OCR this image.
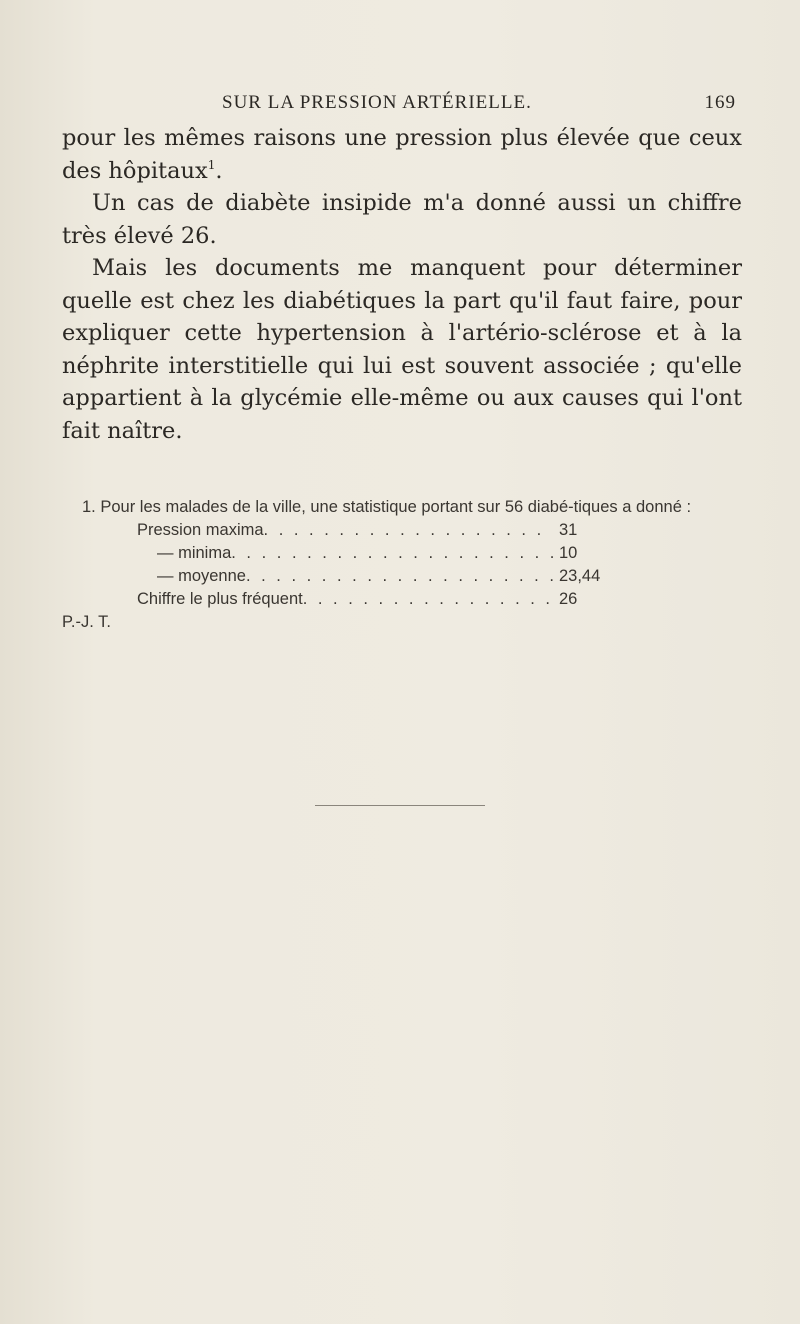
SUR LA PRESSION ARTÉRIELLE.	169

pour les mêmes raisons une pression plus élevée que ceux des hôpitaux$^1$.

Un cas de diabète insipide m'a donné aussi un chiffre très élevé 26.

Mais les documents me manquent pour déterminer quelle est chez les diabétiques la part qu'il faut faire, pour expliquer cette hypertension à l'artério-sclérose et à la néphrite interstitielle qui lui est souvent associée ; qu'elle appartient à la glycémie elle-même ou aux causes qui l'ont fait naître.

1. Pour les malades de la ville, une statistique portant sur 56 diabé-tiques a donné :

Pression maxima . . .	31
— minima . . .	10
— moyenne . . .	23,44
Chiffre le plus fréquent . . .	26

P.-J. T.
